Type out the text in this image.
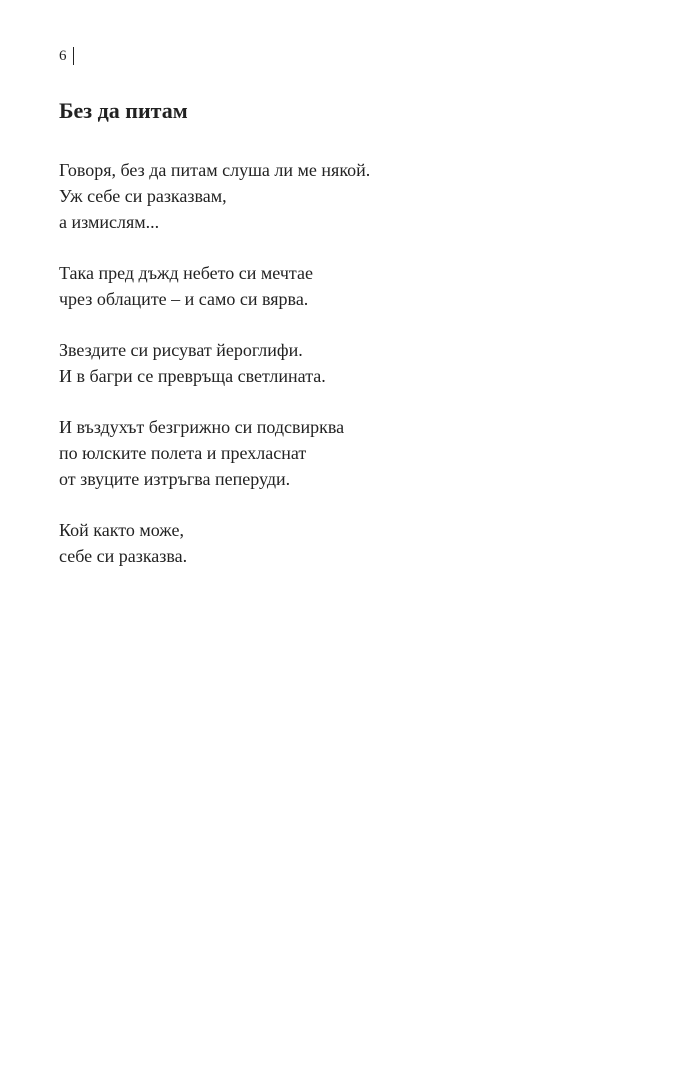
6
Без да питам
Говоря, без да питам слуша ли ме някой.
Уж себе си разказвам,
а измислям...
Така пред дъжд небето си мечтае
чрез облаците – и само си вярва.
Звездите си рисуват йероглифи.
И в багри се превръща светлината.
И въздухът безгрижно си подсвирква
по юлските полета и прехласнат
от звуците изтръгва пеперуди.
Кой както може,
себе си разказва.
